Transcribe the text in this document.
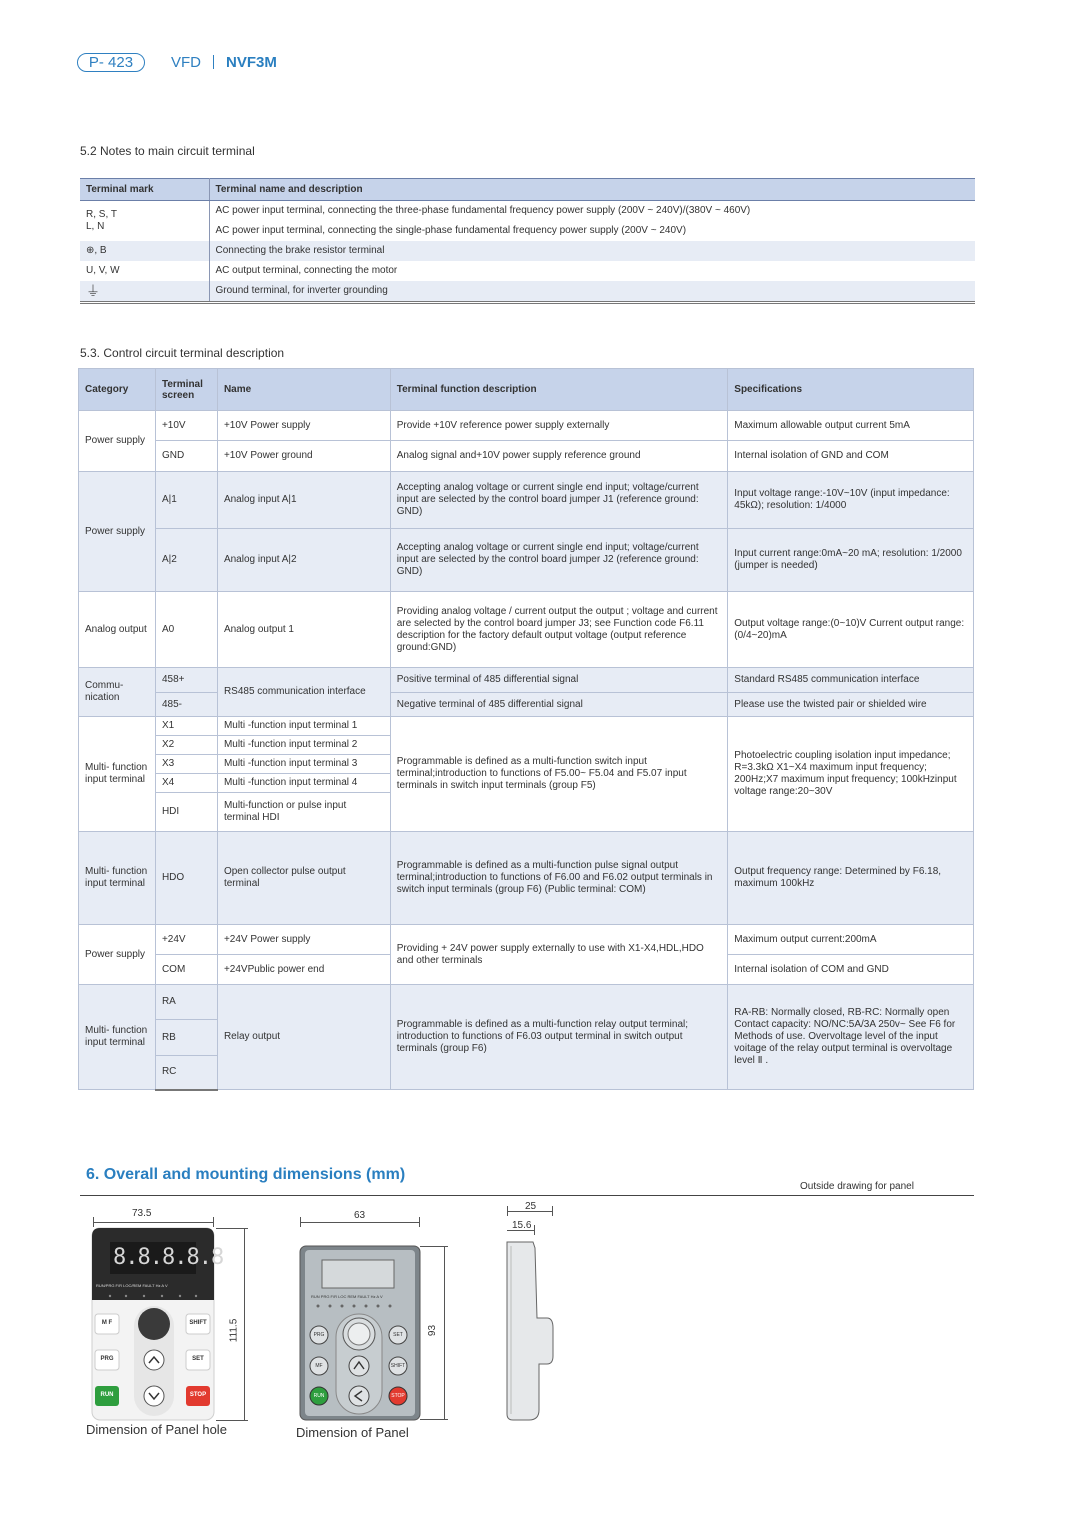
P- 423	VFD NVF3M
5.2 Notes to main circuit terminal
Terminal mark	Terminal name and description
R, S, T	AC power input terminal, connecting the three-phase fundamental frequency power supply (200V ~ 240V)/(380V ~ 460V)
L, N	AC power input terminal, connecting the single-phase fundamental frequency power supply (200V ~ 240V)
⊕, B	Connecting the brake resistor terminal
U, V, W	AC output terminal, connecting the motor
⏚	Ground terminal, for inverter grounding
5.3. Control circuit terminal description
Category	Terminal screen	Name	Terminal function description	Specifications
Power supply	+10V	+10V Power supply	Provide +10V reference power supply externally	Maximum allowable output current 5mA
	GND	+10V Power ground	Analog signal and+10V power supply reference ground	Internal isolation of GND and COM
Power supply	A|1	Analog input A|1	Accepting analog voltage or current single end input; voltage/current input are selected by the control board jumper J1 (reference ground: GND)	Input voltage range:-10V~10V (input impedance: 45kΩ); resolution: 1/4000
	A|2	Analog input A|2	Accepting analog voltage or current single end input; voltage/current input are selected by the control board jumper J2 (reference ground: GND)	Input current range:0mA~20 mA; resolution: 1/2000 (jumper is needed)
Analog output	A0	Analog output 1	Providing analog voltage / current output the output ; voltage and current are selected by the control board jumper J3; see Function code F6.11 description for the factory default output voltage (output reference ground:GND)	Output voltage range:(0~10)V Current output range:(0/4~20)mA
Commu- nication	458+	RS485 communication interface	Positive terminal of 485 differential signal	Standard RS485 communication interface
	485-		Negative terminal of 485 differential signal	Please use the twisted pair or shielded wire
Multi- function input terminal	X1	Multi -function input terminal 1	Programmable is defined as a multi-function switch input terminal;introduction to functions of F5.00~ F5.04 and F5.07 input terminals in switch input terminals (group F5)	Photoelectric coupling isolation input impedance; R=3.3kΩ X1~X4 maximum input frequency; 200Hz;X7 maximum input frequency; 100kHzinput voltage range:20~30V
	X2	Multi -function input terminal 2		
	X3	Multi -function input terminal 3		
	X4	Multi -function input terminal 4		
	HDI	Multi-function or pulse input terminal HDI		
Multi- function input terminal	HDO	Open collector pulse output terminal	Programmable is defined as a multi-function pulse signal output terminal;introduction to functions of F6.00 and F6.02 output terminals in switch input terminals (group F6) (Public terminal: COM)	Output frequency range: Determined by F6.18, maximum 100kHz
Power supply	+24V	+24V Power supply	Providing + 24V power supply externally to use with X1-X4,HDL,HDO and other terminals	Maximum output current:200mA
	COM	+24VPublic power end		Internal isolation of COM and GND
Multi- function input terminal	RA	Relay output	Programmable is defined as a multi-function relay output terminal; introduction to functions of F6.03 output terminal in switch output terminals (group F6)	RA-RB: Normally closed, RB-RC: Normally open Contact capacity: NO/NC:5A/3A 250v~ See F6 for Methods of use. Overvoltage level of the input voitage of the relay output terminal is overvoltage level Ⅱ .
	RB			
	RC			
6. Overall and mounting dimensions (mm)
Outside drawing for panel
73.5
111.5
8.8.8.8.8
RUN/PRG F/R LOC/REM FAULT Hz A V
M F	SHIFT
PRG	SET
RUN	STOP
Dimension of Panel hole
63
93
RUN PRG F/R LOC REM FAULT Hz A V
PRG	SET
MF	SHIFT
RUN	STOP
Dimension of Panel
25
15.6
